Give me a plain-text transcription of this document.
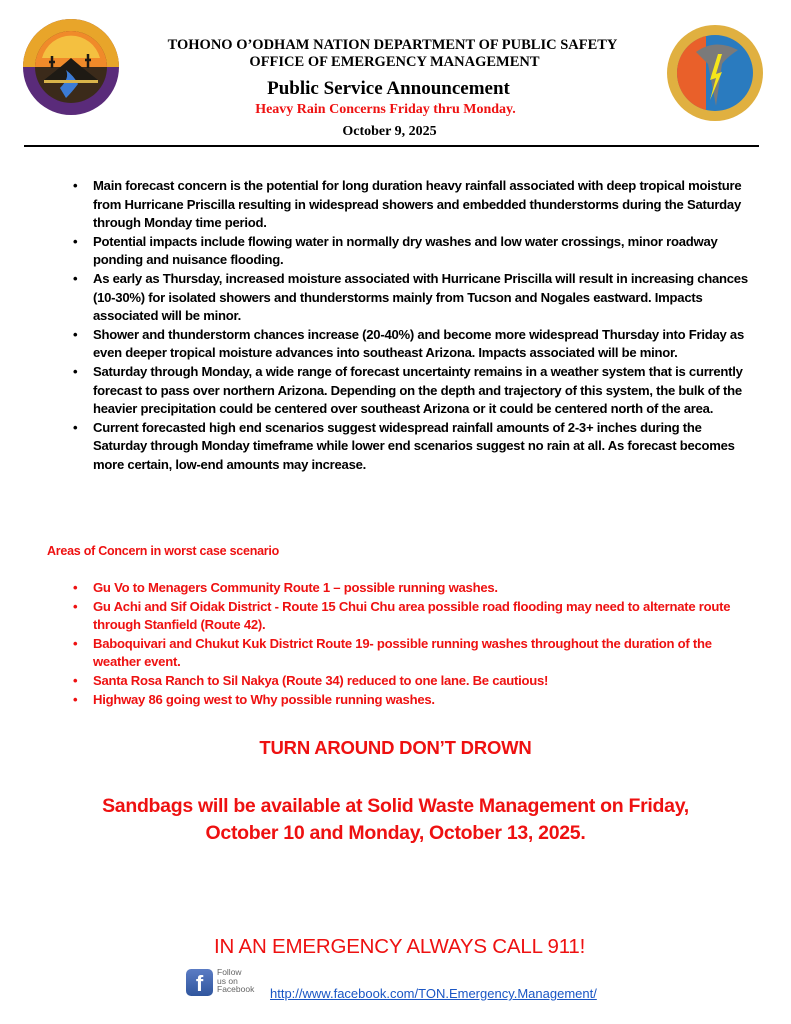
TOHONO O’ODHAM NATION DEPARTMENT OF PUBLIC SAFETY
OFFICE OF EMERGENCY MANAGEMENT
Public Service Announcement
Heavy Rain Concerns Friday thru Monday.
October 9, 2025
• Main forecast concern is the potential for long duration heavy rainfall associated with deep tropical moisture from Hurricane Priscilla resulting in widespread showers and embedded thunderstorms during the Saturday through Monday time period.
• Potential impacts include flowing water in normally dry washes and low water crossings, minor roadway ponding and nuisance flooding.
• As early as Thursday, increased moisture associated with Hurricane Priscilla will result in increasing chances (10-30%) for isolated showers and thunderstorms mainly from Tucson and Nogales eastward. Impacts associated will be minor.
• Shower and thunderstorm chances increase (20-40%) and become more widespread Thursday into Friday as even deeper tropical moisture advances into southeast Arizona. Impacts associated will be minor.
• Saturday through Monday, a wide range of forecast uncertainty remains in a weather system that is currently forecast to pass over northern Arizona. Depending on the depth and trajectory of this system, the bulk of the heavier precipitation could be centered over southeast Arizona or it could be centered north of the area.
• Current forecasted high end scenarios suggest widespread rainfall amounts of 2-3+ inches during the Saturday through Monday timeframe while lower end scenarios suggest no rain at all. As forecast becomes more certain, low-end amounts may increase.
Areas of Concern in worst case scenario
• Gu Vo to Menagers Community Route 1 – possible running washes.
• Gu Achi and Sif Oidak District - Route 15 Chui Chu area possible road flooding may need to alternate route through Stanfield (Route 42).
• Baboquivari and Chukut Kuk District Route 19- possible running washes throughout the duration of the weather event.
• Santa Rosa Ranch to Sil Nakya (Route 34) reduced to one lane. Be cautious!
• Highway 86 going west to Why possible running washes.
TURN AROUND DON’T DROWN
Sandbags will be available at Solid Waste Management on Friday,
October 10 and Monday, October 13, 2025.
IN AN EMERGENCY ALWAYS CALL 911!
f	Follow
us on
Facebook http://www.facebook.com/TON.Emergency.Management/
